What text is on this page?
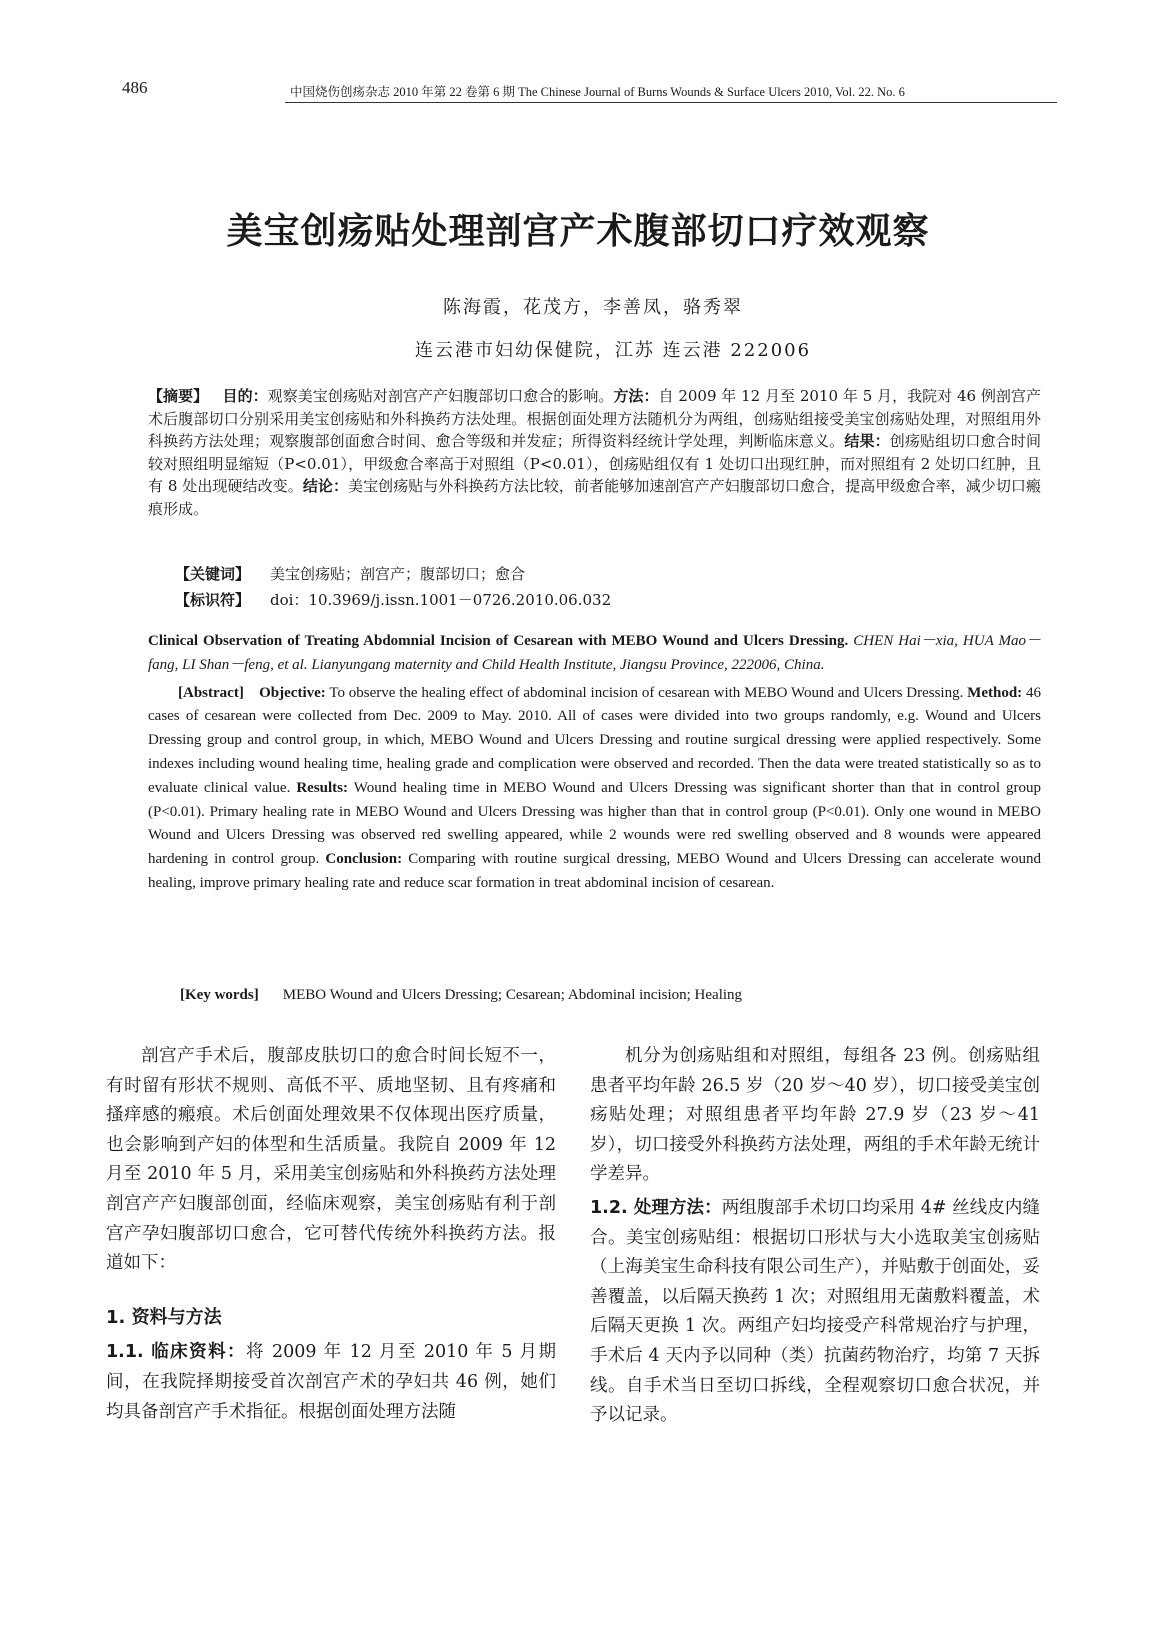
486	中国烧伤创疡杂志 2010 年第 22 卷第 6 期 The Chinese Journal of Burns Wounds & Surface Ulcers 2010, Vol. 22. No. 6
美宝创疡贴处理剖宫产术腹部切口疗效观察
陈海霞，花茂方，李善凤，骆秀翠
连云港市妇幼保健院，江苏 连云港 222006
【摘要】 目的：观察美宝创疡贴对剖宫产产妇腹部切口愈合的影响。方法：自 2009 年 12 月至 2010 年 5 月，我院对 46 例剖宫产术后腹部切口分别采用美宝创疡贴和外科换药方法处理。根据创面处理方法随机分为两组，创疡贴组接受美宝创疡贴处理，对照组用外科换药方法处理；观察腹部创面愈合时间、愈合等级和并发症；所得资料经统计学处理，判断临床意义。结果：创疡贴组切口愈合时间较对照组明显缩短（P<0.01），甲级愈合率高于对照组（P<0.01），创疡贴组仅有 1 处切口出现红肿，而对照组有 2 处切口红肿，且有 8 处出现硬结改变。结论：美宝创疡贴与外科换药方法比较，前者能够加速剖宫产产妇腹部切口愈合，提高甲级愈合率，减少切口瘢痕形成。
【关键词】 美宝创疡贴；剖宫产；腹部切口；愈合
【标识符】 doi：10.3969/j.issn.1001－0726.2010.06.032
Clinical Observation of Treating Abdomnial Incision of Cesarean with MEBO Wound and Ulcers Dressing. CHEN Hai－xia, HUA Mao－fang, LI Shan－feng, et al. Lianyungang maternity and Child Health Institute, Jiangsu Province, 222006, China.
[Abstract] Objective: To observe the healing effect of abdominal incision of cesarean with MEBO Wound and Ulcers Dressing. Method: 46 cases of cesarean were collected from Dec. 2009 to May. 2010. All of cases were divided into two groups randomly, e.g. Wound and Ulcers Dressing group and control group, in which, MEBO Wound and Ulcers Dressing and routine surgical dressing were applied respectively. Some indexes including wound healing time, healing grade and complication were observed and recorded. Then the data were treated statistically so as to evaluate clinical value. Results: Wound healing time in MEBO Wound and Ulcers Dressing was significant shorter than that in control group (P<0.01). Primary healing rate in MEBO Wound and Ulcers Dressing was higher than that in control group (P<0.01). Only one wound in MEBO Wound and Ulcers Dressing was observed red swelling appeared, while 2 wounds were red swelling observed and 8 wounds were appeared hardening in control group. Conclusion: Comparing with routine surgical dressing, MEBO Wound and Ulcers Dressing can accelerate wound healing, improve primary healing rate and reduce scar formation in treat abdominal incision of cesarean.
[Key words] MEBO Wound and Ulcers Dressing; Cesarean; Abdominal incision; Healing

剖宫产手术后，腹部皮肤切口的愈合时间长短不一，有时留有形状不规则、高低不平、质地坚韧、且有疼痛和搔痒感的瘢痕。术后创面处理效果不仅体现出医疗质量，也会影响到产妇的体型和生活质量。我院自 2009 年 12 月至 2010 年 5 月，采用美宝创疡贴和外科换药方法处理剖宫产产妇腹部创面，经临床观察，美宝创疡贴有利于剖宫产孕妇腹部切口愈合，它可替代传统外科换药方法。报道如下：

1. 资料与方法

1.1. 临床资料：将 2009 年 12 月至 2010 年 5 月期间，在我院择期接受首次剖宫产术的孕妇共 46 例，她们均具备剖宫产手术指征。根据创面处理方法随

机分为创疡贴组和对照组，每组各 23 例。创疡贴组患者平均年龄 26.5 岁（20 岁～40 岁），切口接受美宝创疡贴处理；对照组患者平均年龄 27.9 岁（23 岁～41 岁），切口接受外科换药方法处理，两组的手术年龄无统计学差异。

1.2. 处理方法：两组腹部手术切口均采用 4# 丝线皮内缝合。美宝创疡贴组：根据切口形状与大小选取美宝创疡贴（上海美宝生命科技有限公司生产），并贴敷于创面处，妥善覆盖，以后隔天换药 1 次；对照组用无菌敷料覆盖，术后隔天更换 1 次。两组产妇均接受产科常规治疗与护理，手术后 4 天内予以同种（类）抗菌药物治疗，均第 7 天拆线。自手术当日至切口拆线，全程观察切口愈合状况，并予以记录。
